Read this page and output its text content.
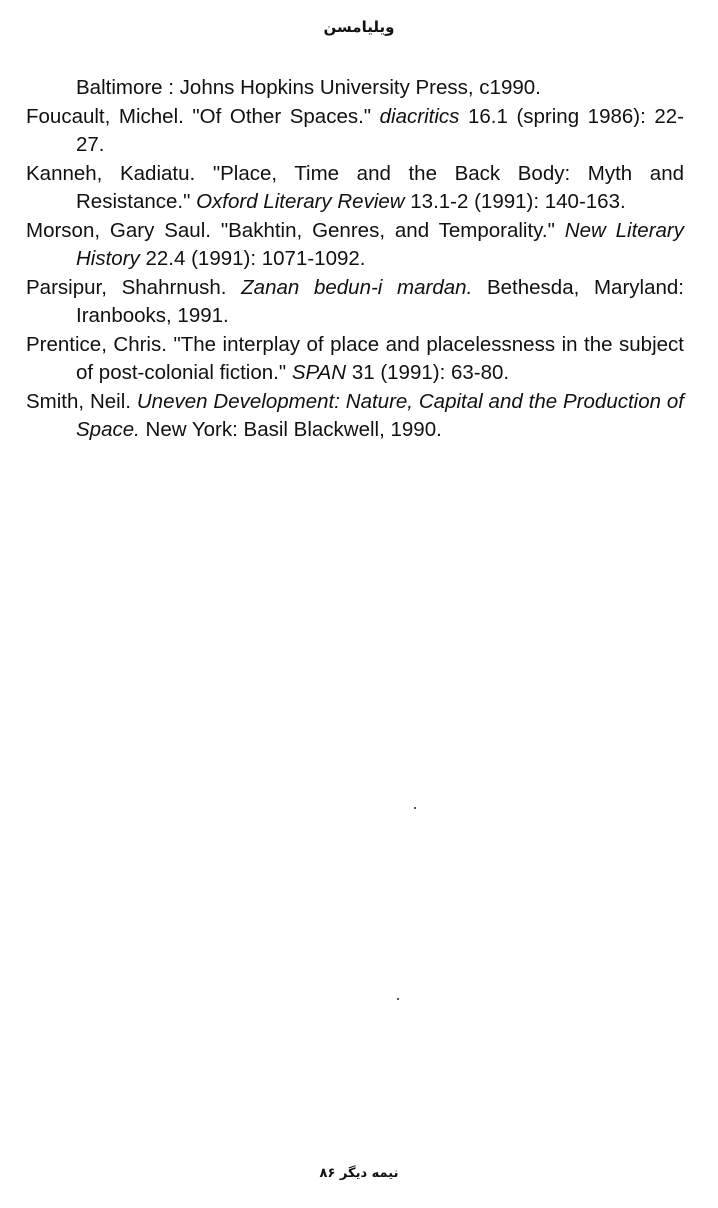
ویلیامسن
Baltimore : Johns Hopkins University Press, c1990.
Foucault, Michel. "Of Other Spaces." diacritics 16.1 (spring 1986): 22-27.
Kanneh, Kadiatu. "Place, Time and the Back Body: Myth and Resistance." Oxford Literary Review 13.1-2 (1991): 140-163.
Morson, Gary Saul. "Bakhtin, Genres, and Temporality." New Literary History 22.4 (1991): 1071-1092.
Parsipur, Shahrnush. Zanan bedun-i mardan. Bethesda, Maryland: Iranbooks, 1991.
Prentice, Chris. "The interplay of place and placelessness in the subject of post-colonial fiction." SPAN 31 (1991): 63-80.
Smith, Neil. Uneven Development: Nature, Capital and the Production of Space. New York: Basil Blackwell, 1990.
نیمه دیگر ۸۶
